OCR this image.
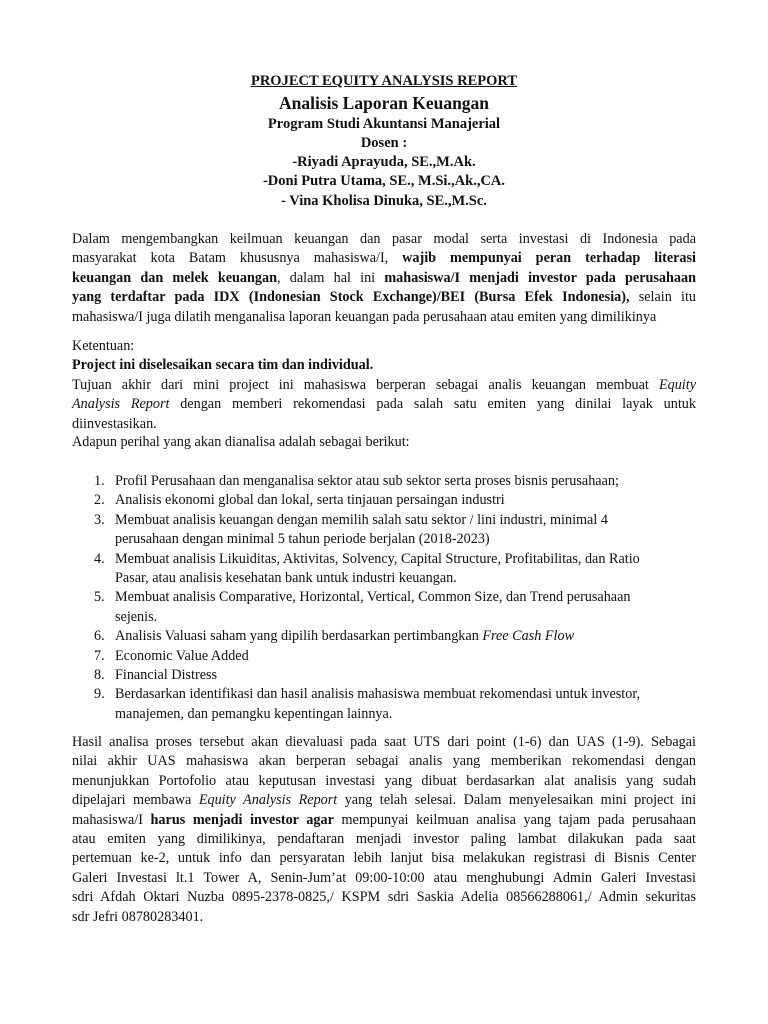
PROJECT EQUITY ANALYSIS REPORT
Analisis Laporan Keuangan
Program Studi Akuntansi Manajerial
Dosen :
-Riyadi Aprayuda, SE.,M.Ak.
-Doni Putra Utama, SE., M.Si.,Ak.,CA.
- Vina Kholisa Dinuka, SE.,M.Sc.
Dalam mengembangkan keilmuan keuangan dan pasar modal serta investasi di Indonesia pada
masyarakat kota Batam khususnya mahasiswa/I, wajib mempunyai peran terhadap literasi
keuangan dan melek keuangan, dalam hal ini mahasiswa/I menjadi investor pada perusahaan
yang terdaftar pada IDX (Indonesian Stock Exchange)/BEI (Bursa Efek Indonesia), selain itu
mahasiswa/I juga dilatih menganalisa laporan keuangan pada perusahaan atau emiten yang dimilikinya
Ketentuan:
Project ini diselesaikan secara tim dan individual.
Tujuan akhir dari mini project ini mahasiswa berperan sebagai analis keuangan membuat Equity
Analysis Report dengan memberi rekomendasi pada salah satu emiten yang dinilai layak untuk
diinvestasikan.
Adapun perihal yang akan dianalisa adalah sebagai berikut:
1. Profil Perusahaan dan menganalisa sektor atau sub sektor serta proses bisnis perusahaan;
2. Analisis ekonomi global dan lokal, serta tinjauan persaingan industri
3. Membuat analisis keuangan dengan memilih salah satu sektor / lini industri, minimal 4
perusahaan dengan minimal 5 tahun periode berjalan (2018-2023)
4. Membuat analisis Likuiditas, Aktivitas, Solvency, Capital Structure, Profitabilitas, dan Ratio
Pasar, atau analisis kesehatan bank untuk industri keuangan.
5. Membuat analisis Comparative, Horizontal, Vertical, Common Size, dan Trend perusahaan
sejenis.
6. Analisis Valuasi saham yang dipilih berdasarkan pertimbangkan Free Cash Flow
7. Economic Value Added
8. Financial Distress
9. Berdasarkan identifikasi dan hasil analisis mahasiswa membuat rekomendasi untuk investor,
manajemen, dan pemangku kepentingan lainnya.
Hasil analisa proses tersebut akan dievaluasi pada saat UTS dari point (1-6) dan UAS (1-9). Sebagai
nilai akhir UAS mahasiswa akan berperan sebagai analis yang memberikan rekomendasi dengan
menunjukkan Portofolio atau keputusan investasi yang dibuat berdasarkan alat analisis yang sudah
dipelajari membawa Equity Analysis Report yang telah selesai. Dalam menyelesaikan mini project ini
mahasiswa/I harus menjadi investor agar mempunyai keilmuan analisa yang tajam pada perusahaan
atau emiten yang dimilikinya, pendaftaran menjadi investor paling lambat dilakukan pada saat
pertemuan ke-2, untuk info dan persyaratan lebih lanjut bisa melakukan registrasi di Bisnis Center
Galeri Investasi lt.1 Tower A, Senin-Jum’at 09:00-10:00 atau menghubungi Admin Galeri Investasi
sdri Afdah Oktari Nuzba 0895-2378-0825,/ KSPM sdri Saskia Adelia 08566288061,/ Admin sekuritas
sdr Jefri 08780283401.
